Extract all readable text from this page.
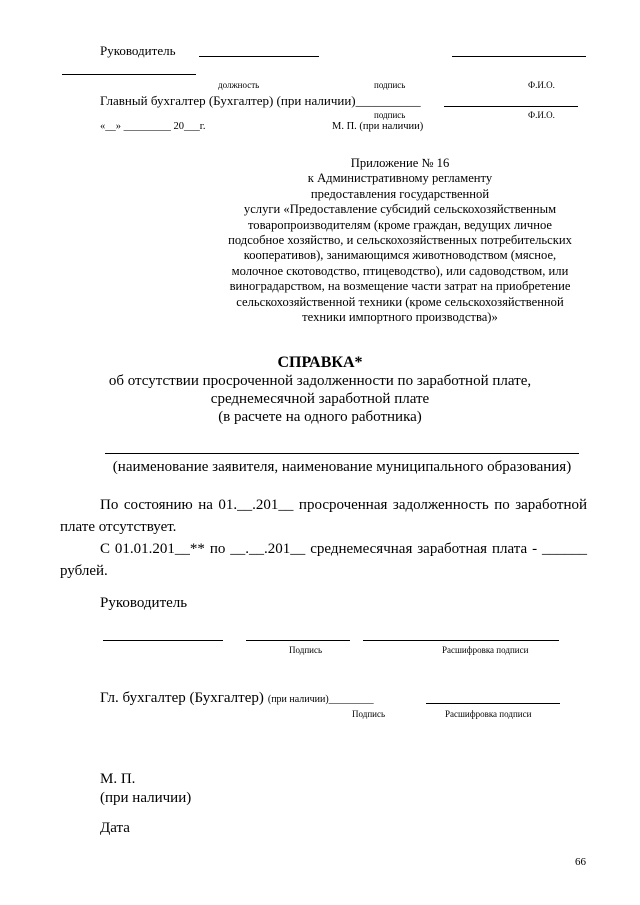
Руководитель
должность	подпись	Ф.И.О.
Главный бухгалтер (Бухгалтер) (при наличии)__________
подпись	Ф.И.О.
«__» _________ 20___г.	М. П. (при наличии)
Приложение № 16
к Административному регламенту
предоставления государственной
услуги «Предоставление субсидий сельскохозяйственным
товаропроизводителям (кроме граждан, ведущих личное
подсобное хозяйство, и сельскохозяйственных потребительских
кооперативов), занимающимся животноводством (мясное,
молочное скотоводство, птицеводство), или садоводством, или
виноградарством, на возмещение части затрат на приобретение
сельскохозяйственной техники (кроме сельскохозяйственной
техники импортного производства)»
СПРАВКА*
об отсутствии просроченной задолженности по заработной плате,
среднемесячной заработной плате
(в расчете на одного работника)
(наименование заявителя, наименование муниципального образования)
По состоянию на 01.__.201__ просроченная задолженность по заработной плате отсутствует.
С 01.01.201__** по __.__.201__ среднемесячная заработная плата - ______ рублей.
Руководитель
Подпись	Расшифровка подписи
Гл. бухгалтер (Бухгалтер) (при наличии)_________
Подпись	Расшифровка подписи
М. П.
(при наличии)
Дата
66
